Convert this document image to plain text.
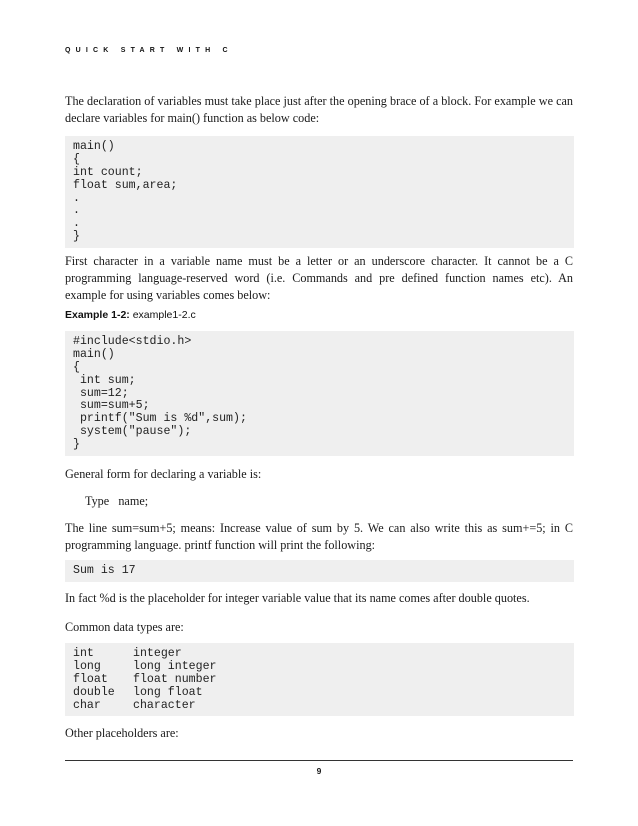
QUICK START WITH C

The declaration of variables must take place just after the opening brace of a block. For example we can declare variables for main() function as below code:

main()
{
int count;
float sum,area;
.
.
.
}

First character in a variable name must be a letter or an underscore character. It cannot be a C programming language-reserved word (i.e. Commands and pre defined function names etc). An example for using variables comes below:

Example 1-2: example1-2.c
#include<stdio.h>
main()
{
int sum;
sum=12;
sum=sum+5;
printf("Sum is %d",sum);
system("pause");
}

General form for declaring a variable is:

Type   name;

The line sum=sum+5; means: Increase value of sum by 5. We can also write this as sum+=5; in C programming language. printf function will print the following:

Sum is 17

In fact %d is the placeholder for integer variable value that its name comes after double quotes.

Common data types are:

int	integer
long	long integer
float	float number
double	long float
char	character

Other placeholders are:

9
